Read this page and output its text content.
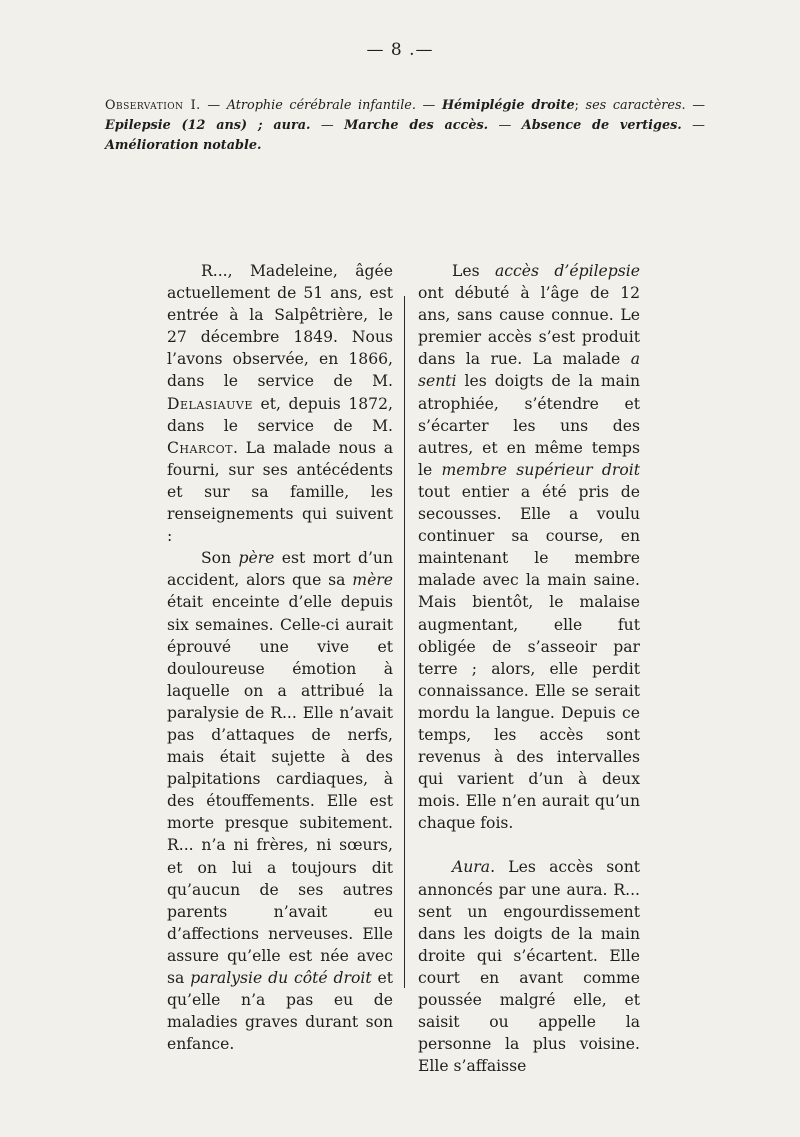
— 8 .—
Observation I. — Atrophie cérébrale infantile. — Hémiplégie droite; ses caractères. — Epilepsie (12 ans) ; aura. — Marche des accès. — Absence de vertiges. — Amélioration notable.

R..., Madeleine, âgée actuellement de 51 ans, est entrée à la Salpêtrière, le 27 décembre 1849. Nous l’avons observée, en 1866, dans le service de M. Delasiauve et, depuis 1872, dans le service de M. Charcot. La malade nous a fourni, sur ses antécédents et sur sa famille, les renseignements qui suivent :

Son père est mort d’un accident, alors que sa mère était enceinte d’elle depuis six semaines. Celle-ci aurait éprouvé une vive et douloureuse émotion à laquelle on a attribué la paralysie de R... Elle n’avait pas d’attaques de nerfs, mais était sujette à des palpitations cardiaques, à des étouffements. Elle est morte presque subitement. R... n’a ni frères, ni sœurs, et on lui a toujours dit qu’aucun de ses autres parents n’avait eu d’affections nerveuses. Elle assure qu’elle est née avec sa paralysie du côté droit et qu’elle n’a pas eu de maladies graves durant son enfance.

Les accès d’épilepsie ont débuté à l’âge de 12 ans, sans cause connue. Le premier accès s’est produit dans la rue. La malade a senti les doigts de la main atrophiée, s’étendre et s’écarter les uns des autres, et en même temps le membre supérieur droit tout entier a été pris de secousses. Elle a voulu continuer sa course, en maintenant le membre malade avec la main saine. Mais bientôt, le malaise augmentant, elle fut obligée de s’asseoir par terre ; alors, elle perdit connaissance. Elle se serait mordu la langue. Depuis ce temps, les accès sont revenus à des intervalles qui varient d’un à deux mois. Elle n’en aurait qu’un chaque fois.

Aura. Les accès sont annoncés par une aura. R... sent un engourdissement dans les doigts de la main droite qui s’écartent. Elle court en avant comme poussée malgré elle, et saisit ou appelle la personne la plus voisine. Elle s’affaisse
